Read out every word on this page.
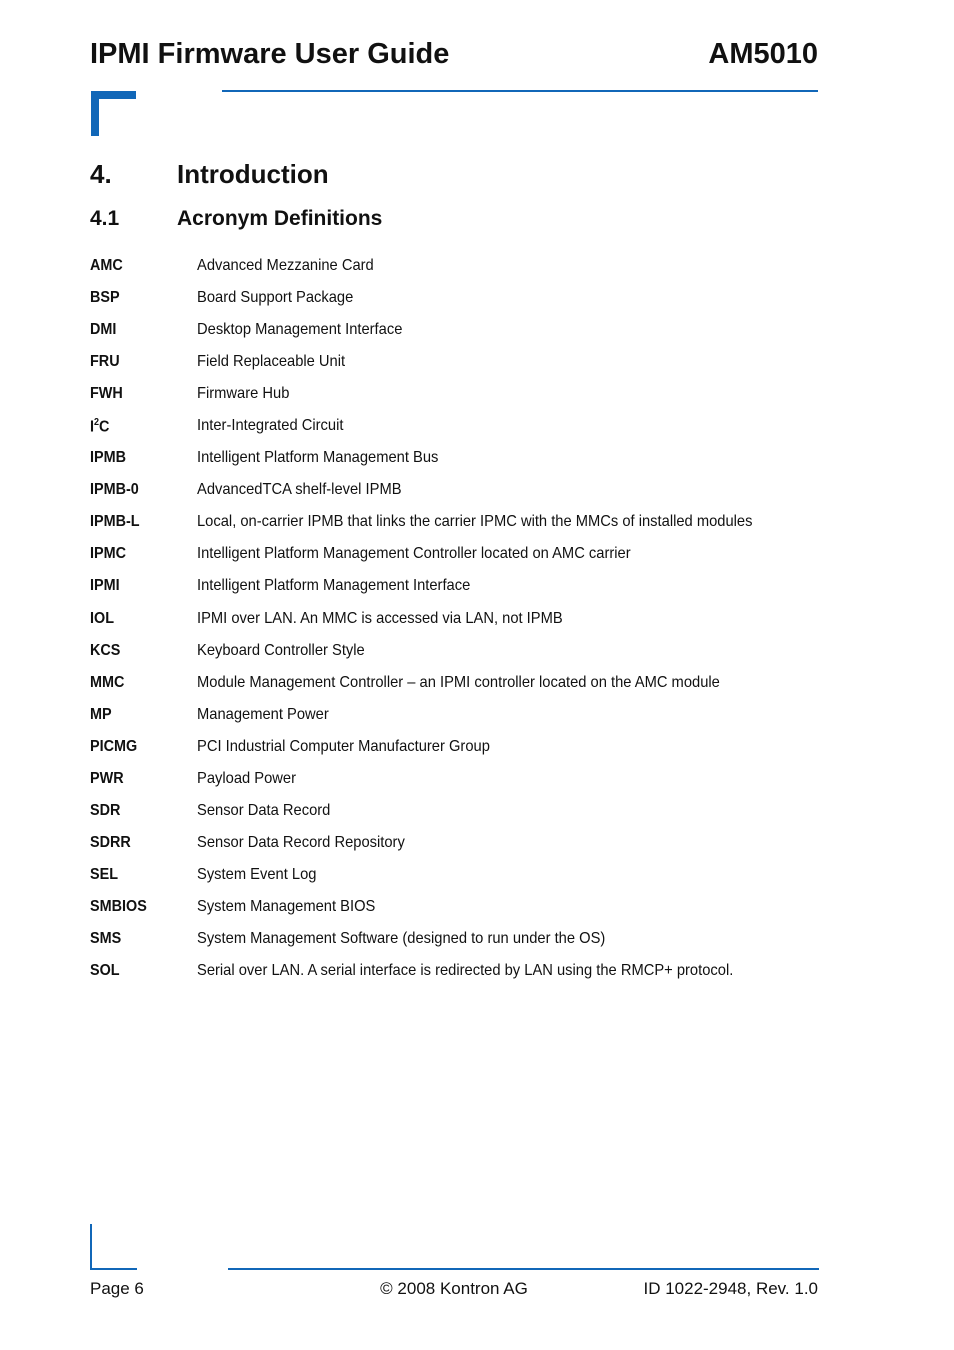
IPMI Firmware User Guide	AM5010
4.	Introduction
4.1	Acronym Definitions
AMC	Advanced Mezzanine Card
BSP	Board Support Package
DMI	Desktop Management Interface
FRU	Field Replaceable Unit
FWH	Firmware Hub
$I^2C$	Inter-Integrated Circuit
IPMB	Intelligent Platform Management Bus
IPMB-0	AdvancedTCA shelf-level IPMB
IPMB-L	Local, on-carrier IPMB that links the carrier IPMC with the MMCs of installed modules
IPMC	Intelligent Platform Management Controller located on AMC carrier
IPMI	Intelligent Platform Management Interface
IOL	IPMI over LAN. An MMC is accessed via LAN, not IPMB
KCS	Keyboard Controller Style
MMC	Module Management Controller – an IPMI controller located on the AMC module
MP	Management Power
PICMG	PCI Industrial Computer Manufacturer Group
PWR	Payload Power
SDR	Sensor Data Record
SDRR	Sensor Data Record Repository
SEL	System Event Log
SMBIOS	System Management BIOS
SMS	System Management Software (designed to run under the OS)
SOL	Serial over LAN. A serial interface is redirected by LAN using the RMCP+ protocol.
Page 6	© 2008 Kontron AG	ID 1022-2948, Rev. 1.0
